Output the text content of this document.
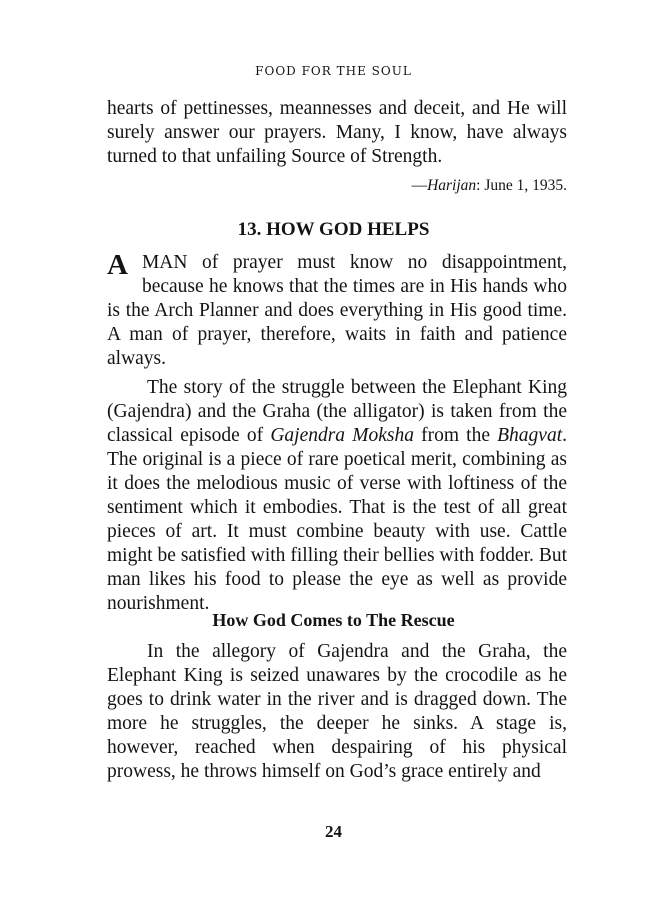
FOOD FOR THE SOUL

hearts of pettinesses, meannesses and deceit, and He will surely answer our prayers. Many, I know, have always turned to that unfailing Source of Strength.

—Harijan: June 1, 1935.
13. HOW GOD HELPS
A MAN of prayer must know no disappointment, because he knows that the times are in His hands who is the Arch Planner and does everything in His good time. A man of prayer, therefore, waits in faith and patience always.

The story of the struggle between the Elephant King (Gajendra) and the Graha (the alligator) is taken from the classical episode of Gajendra Moksha from the Bhagvat. The original is a piece of rare poetical merit, combining as it does the melodious music of verse with loftiness of the sentiment which it embodies. That is the test of all great pieces of art. It must combine beauty with use. Cattle might be satisfied with filling their bellies with fodder. But man likes his food to please the eye as well as provide nourishment.

How God Comes to The Rescue

In the allegory of Gajendra and the Graha, the Elephant King is seized unawares by the crocodile as he goes to drink water in the river and is dragged down. The more he struggles, the deeper he sinks. A stage is, however, reached when despairing of his physical prowess, he throws himself on God’s grace entirely and

24
